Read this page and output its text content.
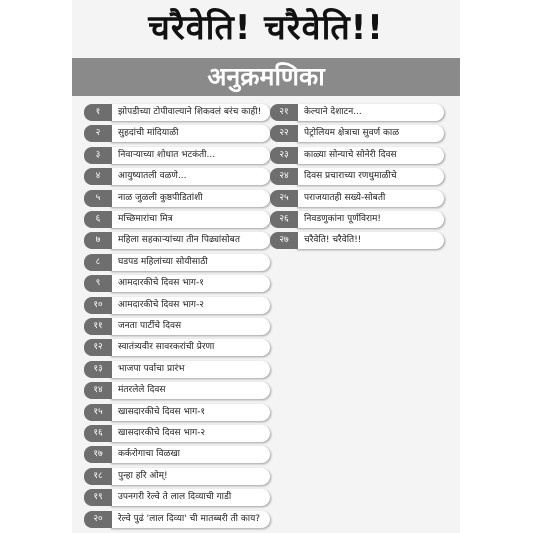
चरैवेति! चरैवेति!!
अनुक्रमणिका
झोपडीच्या टोपीवाल्याने शिकवलं बरंच काही!
१
सुहदांची मांदियाळी
२
निवाऱ्याच्या शोधात भटकंती...
३
आयुष्यातली वळणे...
४
नाळ जुळली कुष्ठपीडितांशी
५
मच्छिमारांचा मित्र
६
महिला सहकाऱ्यांच्या तीन पिढ्यांसोबत
७
घडपड महिलांच्या सोयीसाठी
८
आमदारकीचे दिवस भाग-१
९
आमदारकीचे दिवस भाग-२
१०
जनता पार्टीचे दिवस
११
स्वातंत्र्यवीर सावरकरांची प्रेरणा
१२
भाजपा पर्वाचा प्रारंभ
१३
मंतरलेले दिवस
१४
खासदारकीचे दिवस भाग-१
१५
खासदारकीचे दिवस भाग-२
१६
कर्करोगाचा विळखा
१७
पुन्हा हरि ओम्!
१८
उपनगरी रेल्वे ते लाल दिव्याची गाडी
१९
रेल्वे पुढं 'लाल दिव्या' ची मातब्बरी ती काय?
२०
केल्याने देशाटन...
२१
पेट्रोलियम क्षेत्राचा सुवर्ण काळ
२२
काळ्या सोन्याचे सोनेरी दिवस
२३
दिवस प्रचाराच्या रणधुमाळीचे
२४
पराजयातही सख्ये-सोबती
२५
निवडणुकांना पूर्णविराम!
२६
चरैवेति! चरैवेति!!
२७
